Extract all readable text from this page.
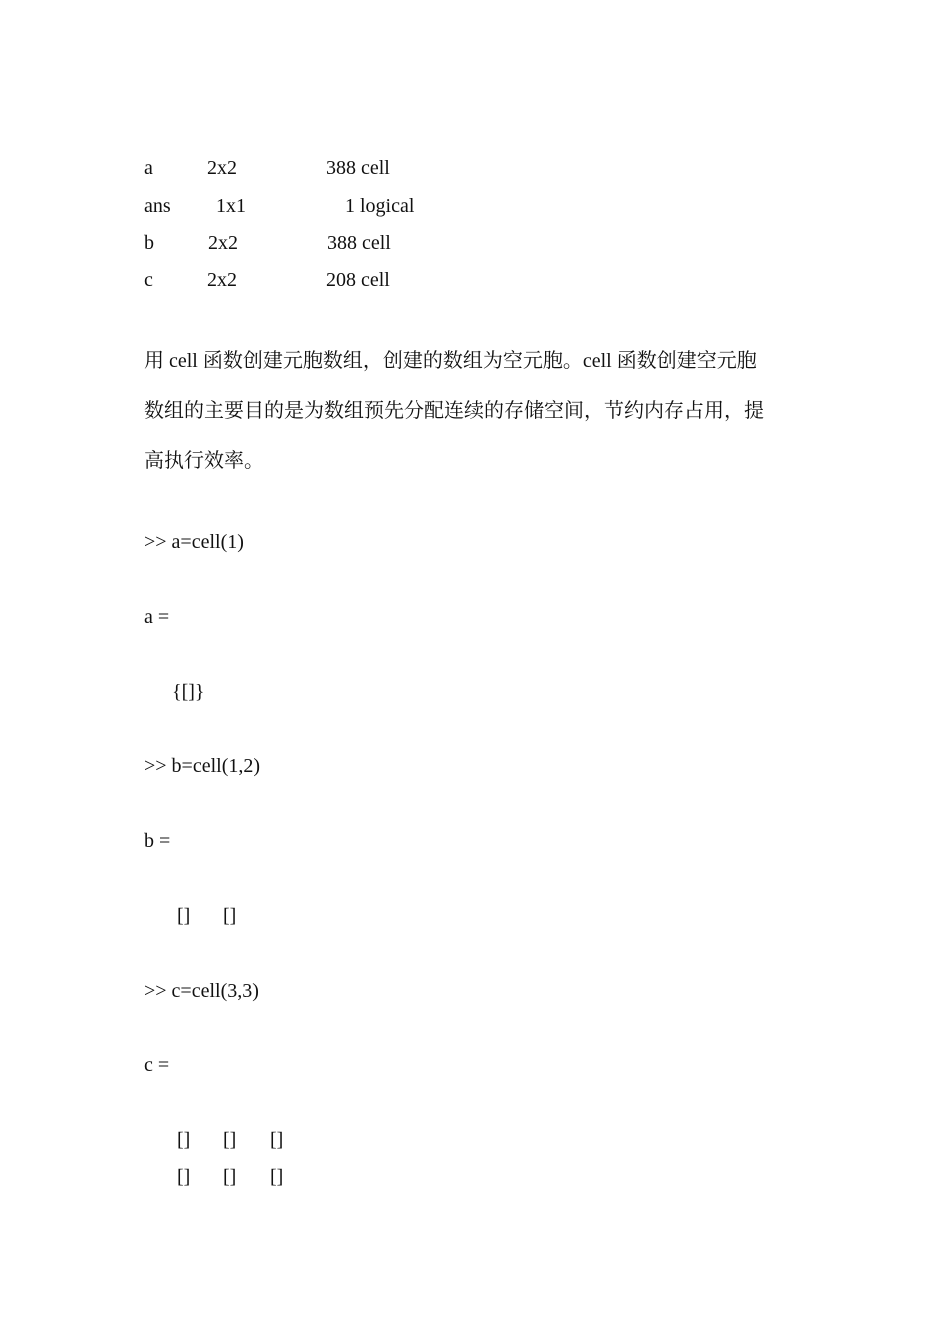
a	2x2	388 cell
ans 1x1	1 logical
b	2x2	388 cell
c	2x2	208 cell
用 cell 函数创建元胞数组，创建的数组为空元胞。cell 函数创建空元胞
数组的主要目的是为数组预先分配连续的存储空间，节约内存占用，提
高执行效率。
>> a=cell(1)
a =
{[]}
>> b=cell(1,2)
b =
[] []
>> c=cell(3,3)
c =
[] [] []
[] [] []
